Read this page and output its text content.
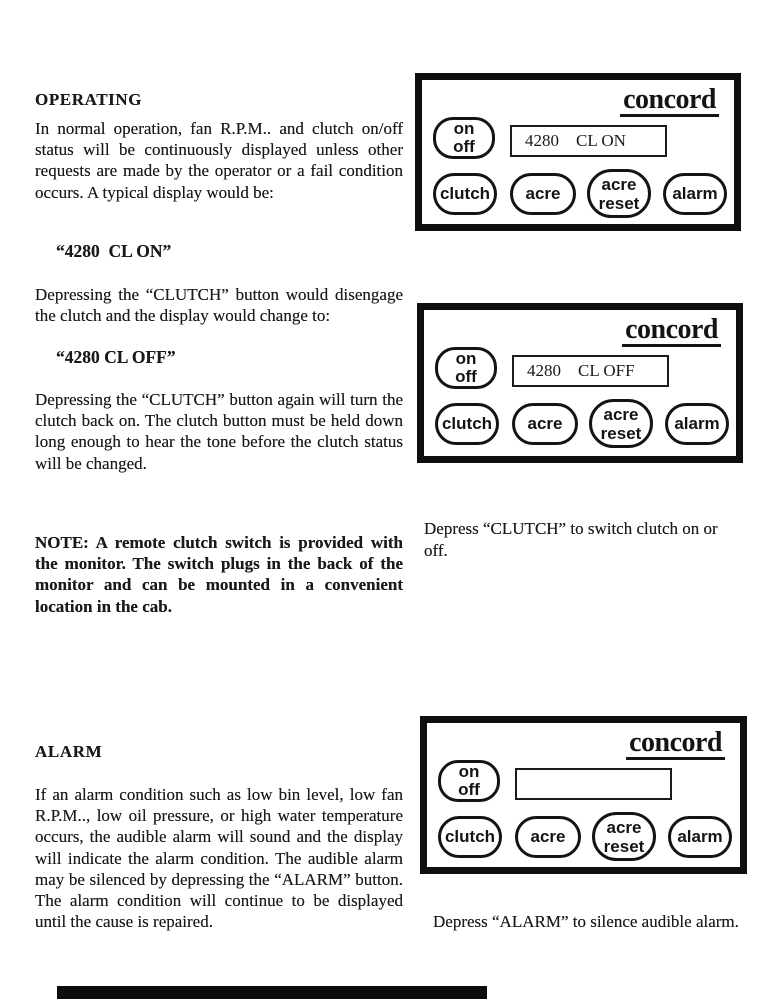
OPERATING
In normal operation, fan R.P.M.. and clutch on/off status will be continuously displayed unless other requests are made by the operator or a fail condition occurs. A typical display would be:
“4280  CL ON”
Depressing the “CLUTCH” button would disengage the clutch and the display would change to:
“4280 CL OFF”
Depressing the “CLUTCH” button again will turn the clutch back on. The clutch button must be held down long enough to hear the tone before the clutch status will be changed.
NOTE: A remote clutch switch is provided with the monitor. The switch plugs in the back of the monitor and can be mounted in a convenient location in the cab.
ALARM
If an alarm condition such as low bin level, low fan R.P.M.., low oil pressure, or high water temperature occurs, the audible alarm will sound and the display will indicate the alarm condition. The audible alarm may be silenced by depressing the “ALARM” button. The alarm condition will continue to be displayed until the cause is repaired.
concord
on
off	4280    CL ON
clutch	acre	acre
reset	alarm
concord
on
off	4280    CL OFF
clutch	acre	acre
reset	alarm
Depress “CLUTCH” to switch clutch on or off.
concord
on
off
clutch	acre	acre
reset	alarm
Depress “ALARM” to silence audible alarm.
